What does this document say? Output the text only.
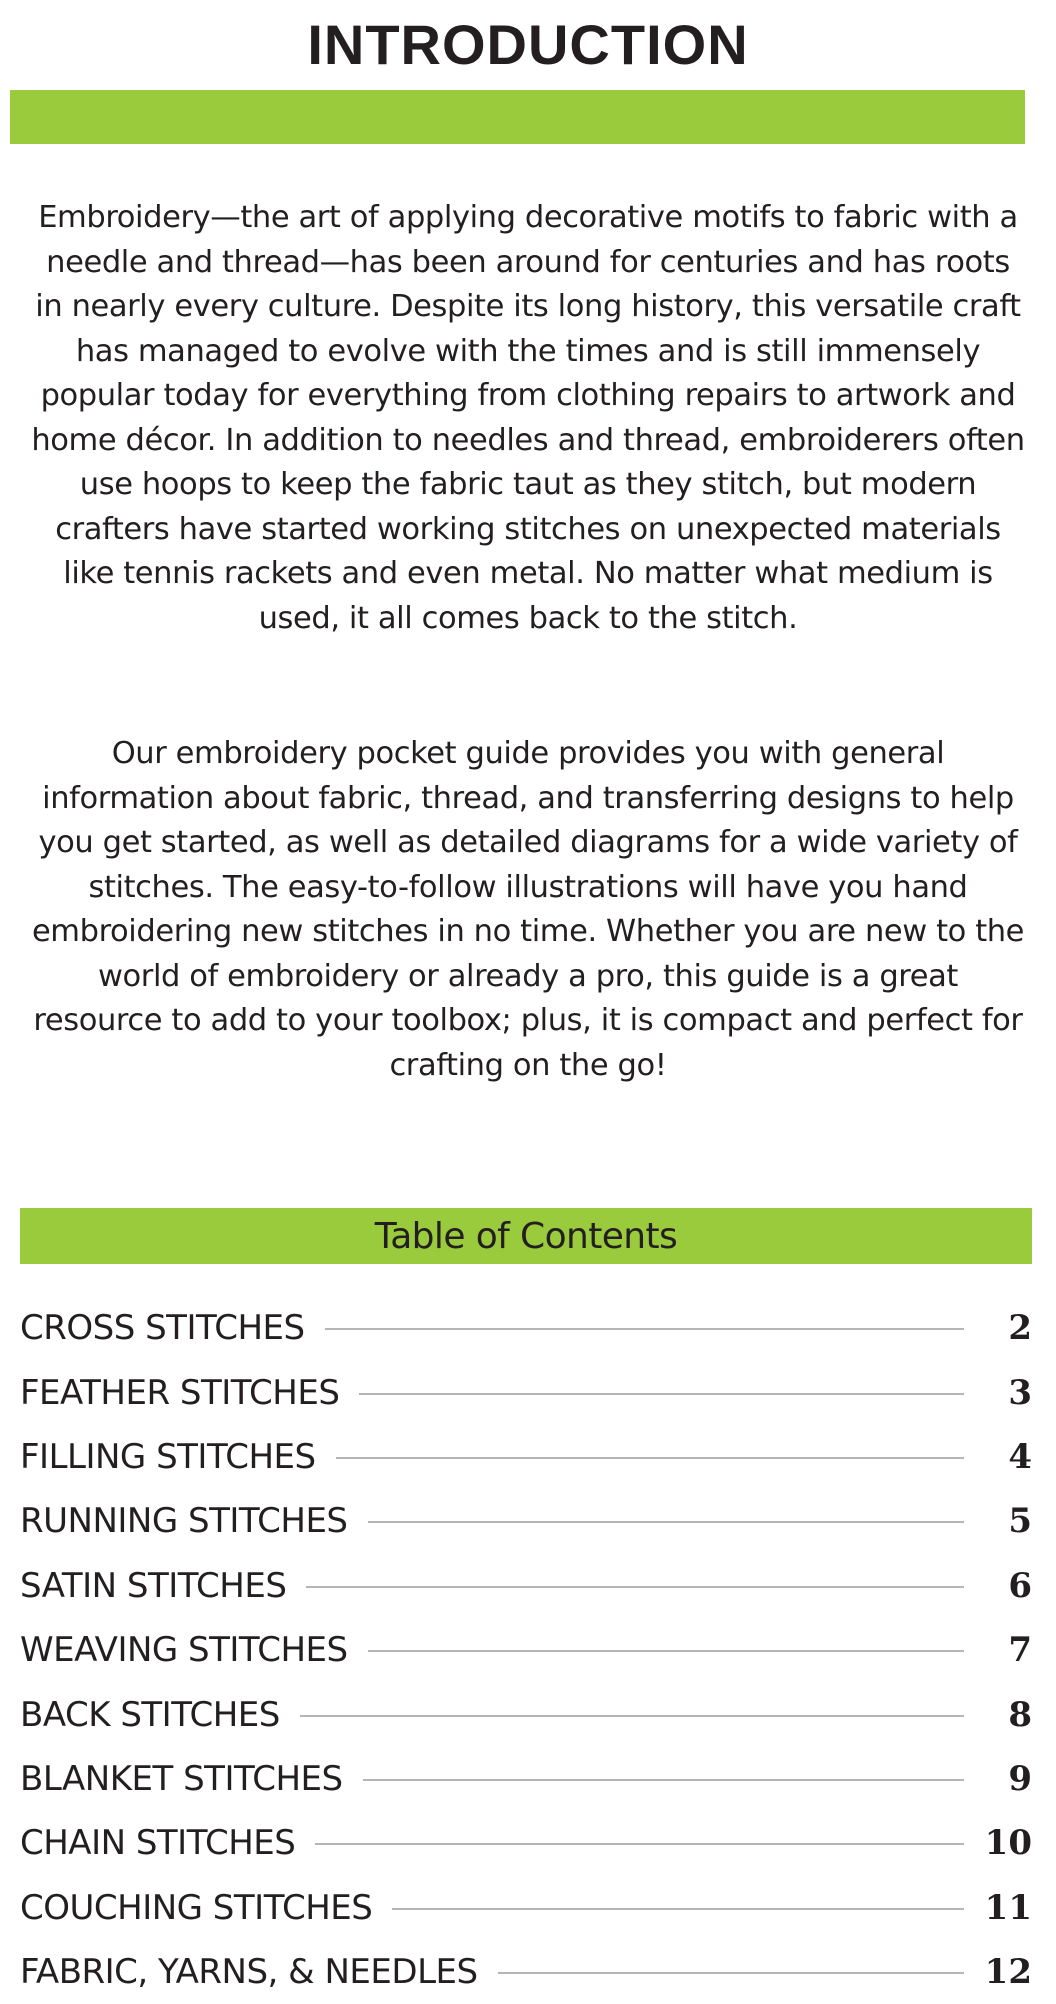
INTRODUCTION

Embroidery—the art of applying decorative motifs to fabric with a needle and thread—has been around for centuries and has roots in nearly every culture. Despite its long history, this versatile craft has managed to evolve with the times and is still immensely popular today for everything from clothing repairs to artwork and home décor. In addition to needles and thread, embroiderers often use hoops to keep the fabric taut as they stitch, but modern crafters have started working stitches on unexpected materials like tennis rackets and even metal. No matter what medium is used, it all comes back to the stitch.

Our embroidery pocket guide provides you with general information about fabric, thread, and transferring designs to help you get started, as well as detailed diagrams for a wide variety of stitches. The easy-to-follow illustrations will have you hand embroidering new stitches in no time. Whether you are new to the world of embroidery or already a pro, this guide is a great resource to add to your toolbox; plus, it is compact and perfect for crafting on the go!

Table of Contents
CROSS STITCHES	2
FEATHER STITCHES	3
FILLING STITCHES	4
RUNNING STITCHES	5
SATIN STITCHES	6
WEAVING STITCHES	7
BACK STITCHES	8
BLANKET STITCHES	9
CHAIN STITCHES	10
COUCHING STITCHES	11
FABRIC, YARNS, & NEEDLES	12
